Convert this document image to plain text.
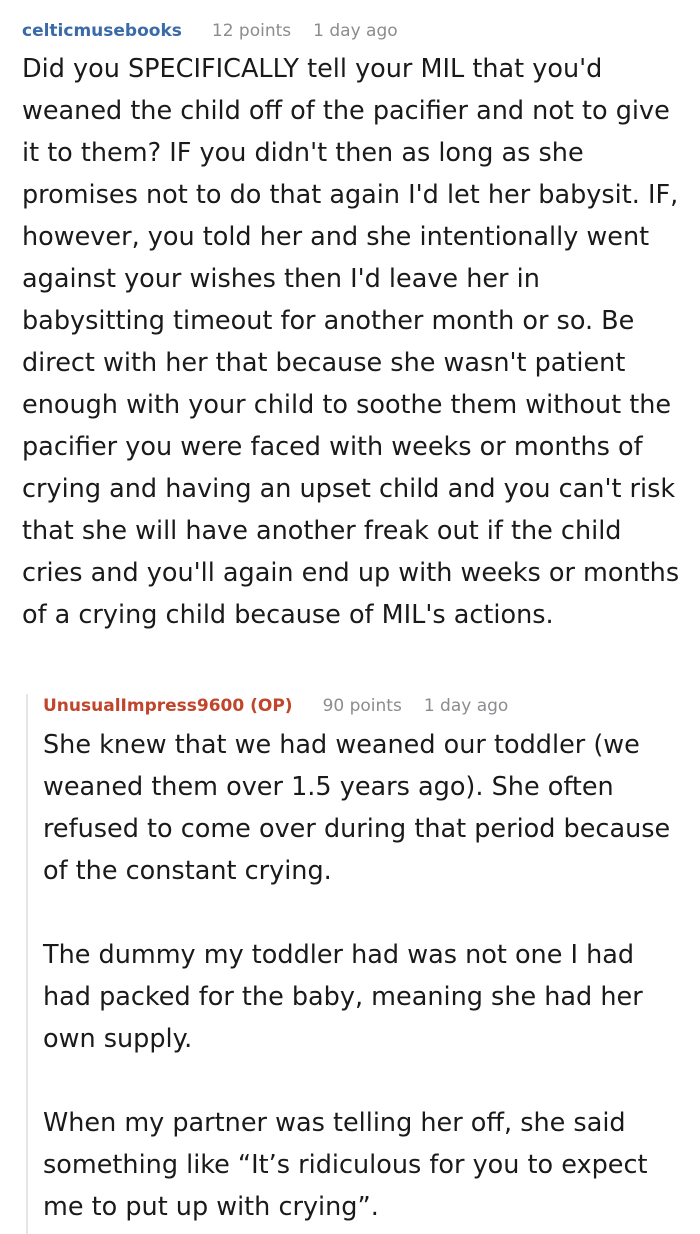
celticmusebooks 12 points 1 day ago

Did you SPECIFICALLY tell your MIL that you'd weaned the child off of the pacifier and not to give it to them? IF you didn't then as long as she promises not to do that again I'd let her babysit. IF, however, you told her and she intentionally went against your wishes then I'd leave her in babysitting timeout for another month or so. Be direct with her that because she wasn't patient enough with your child to soothe them without the pacifier you were faced with weeks or months of crying and having an upset child and you can't risk that she will have another freak out if the child cries and you'll again end up with weeks or months of a crying child because of MIL's actions.

UnusualImpress9600 (OP) 90 points 1 day ago

She knew that we had weaned our toddler (we weaned them over 1.5 years ago). She often refused to come over during that period because of the constant crying.

The dummy my toddler had was not one I had had packed for the baby, meaning she had her own supply.

When my partner was telling her off, she said something like “It’s ridiculous for you to expect me to put up with crying”.
